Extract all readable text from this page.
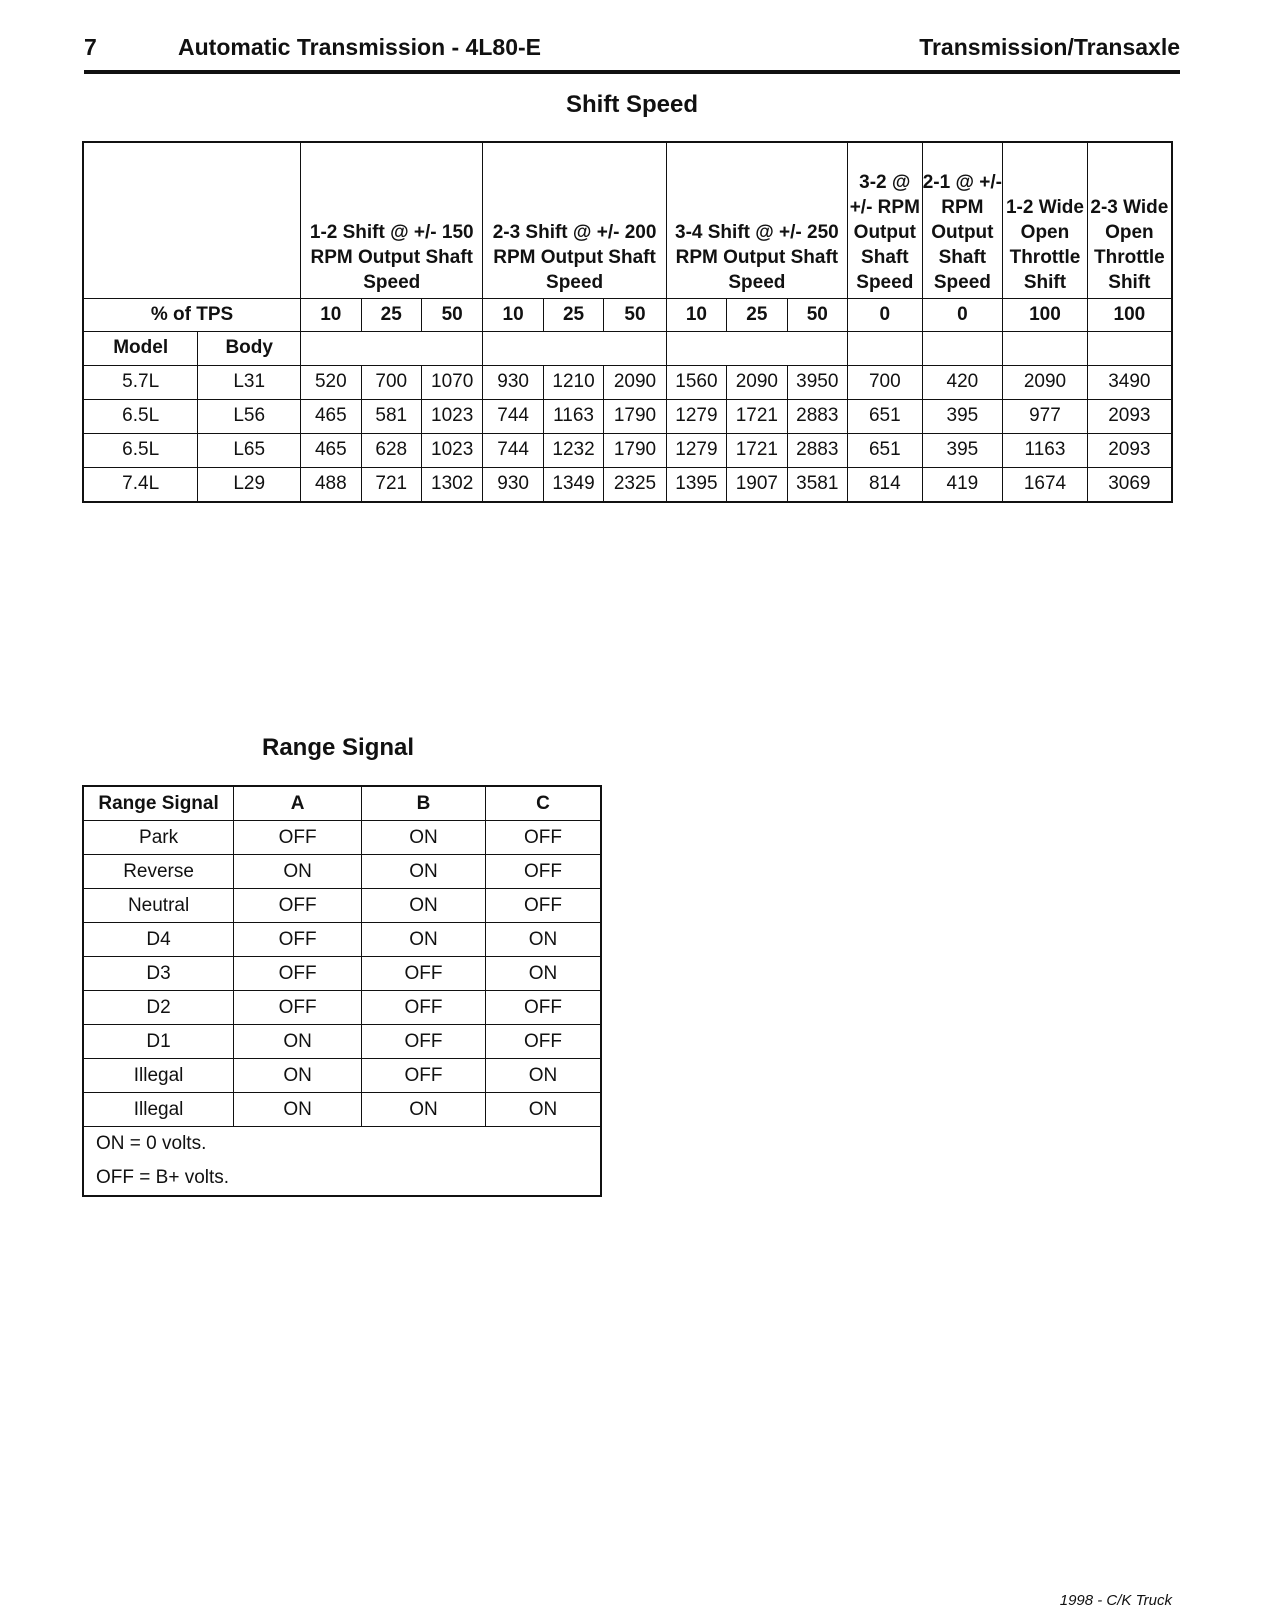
7	Automatic Transmission - 4L80-E	Transmission/Transaxle
Shift Speed
		1-2 Shift @ +/- 150 RPM Output Shaft Speed			2-3 Shift @ +/- 200 RPM Output Shaft Speed			3-4 Shift @ +/- 250 RPM Output Shaft Speed			3-2 @ +/- RPM Output Shaft Speed	2-1 @ +/- RPM Output Shaft Speed	1-2 Wide Open Throttle Shift	2-3 Wide Open Throttle Shift
% of TPS		10	25	50	10	25	50	10	25	50	0	0	100	100
Model	Body													
5.7L	L31	520	700	1070	930	1210	2090	1560	2090	3950	700	420	2090	3490
6.5L	L56	465	581	1023	744	1163	1790	1279	1721	2883	651	395	977	2093
6.5L	L65	465	628	1023	744	1232	1790	1279	1721	2883	651	395	1163	2093
7.4L	L29	488	721	1302	930	1349	2325	1395	1907	3581	814	419	1674	3069
Range Signal
Range Signal	A	B	C
Park	OFF	ON	OFF
Reverse	ON	ON	OFF
Neutral	OFF	ON	OFF
D4	OFF	ON	ON
D3	OFF	OFF	ON
D2	OFF	OFF	OFF
D1	ON	OFF	OFF
Illegal	ON	OFF	ON
Illegal	ON	ON	ON

ON = 0 volts.
OFF = B+ volts.			
1998 - C/K Truck
